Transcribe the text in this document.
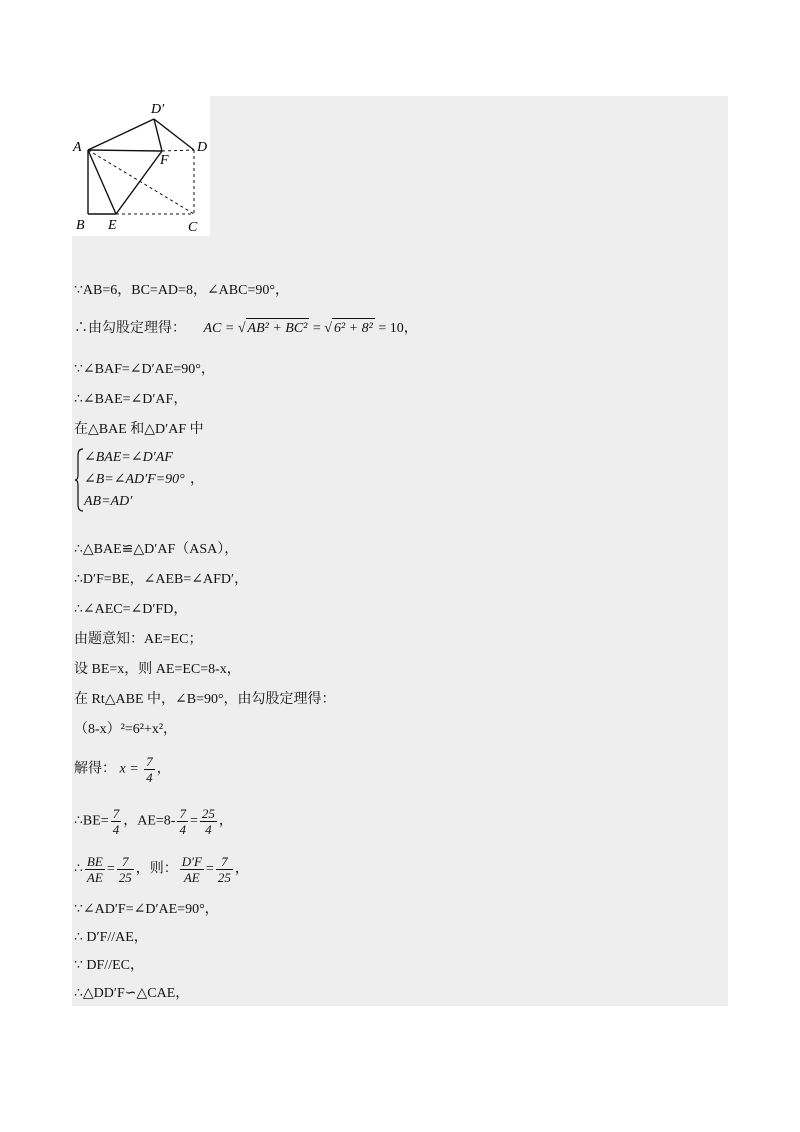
D′
A	D
F
B E	C
∵AB=6，BC=AD=8，∠ABC=90°，
∴由勾股定理得： AC = √ AB² + BC² = √ 6² + 8² = 10，
∵∠BAF=∠D′AE=90°，
∴∠BAE=∠D′AF，
在△BAE 和△D′AF 中
∠BAE=∠D′AF
∠B=∠AD′F=90°
AB=AD′
，
∴△BAE≌△D′AF（ASA），
∴D′F=BE，∠AEB=∠AFD′，
∴∠AEC=∠D′FD，
由题意知：AE=EC；
设 BE=x，则 AE=EC=8-x，
在 Rt△ABE 中，∠B=90°，由勾股定理得：
（8-x）²=6²+x²，
解得： $x = \frac{7}{4}$ ，
∴BE= $\frac{7}{4}$ ，$AE=8- \frac{7}{4} = \frac{25}{4}$ ，
∴ $\frac{BE}{AE} = \frac{7}{25}$ ，则： $\frac{D'F}{AE} = \frac{7}{25}$ ，
∵∠AD′F=∠D′AE=90°，
∴ D′F//AE，
∵ DF//EC，
∴△DD′F∽△CAE，
